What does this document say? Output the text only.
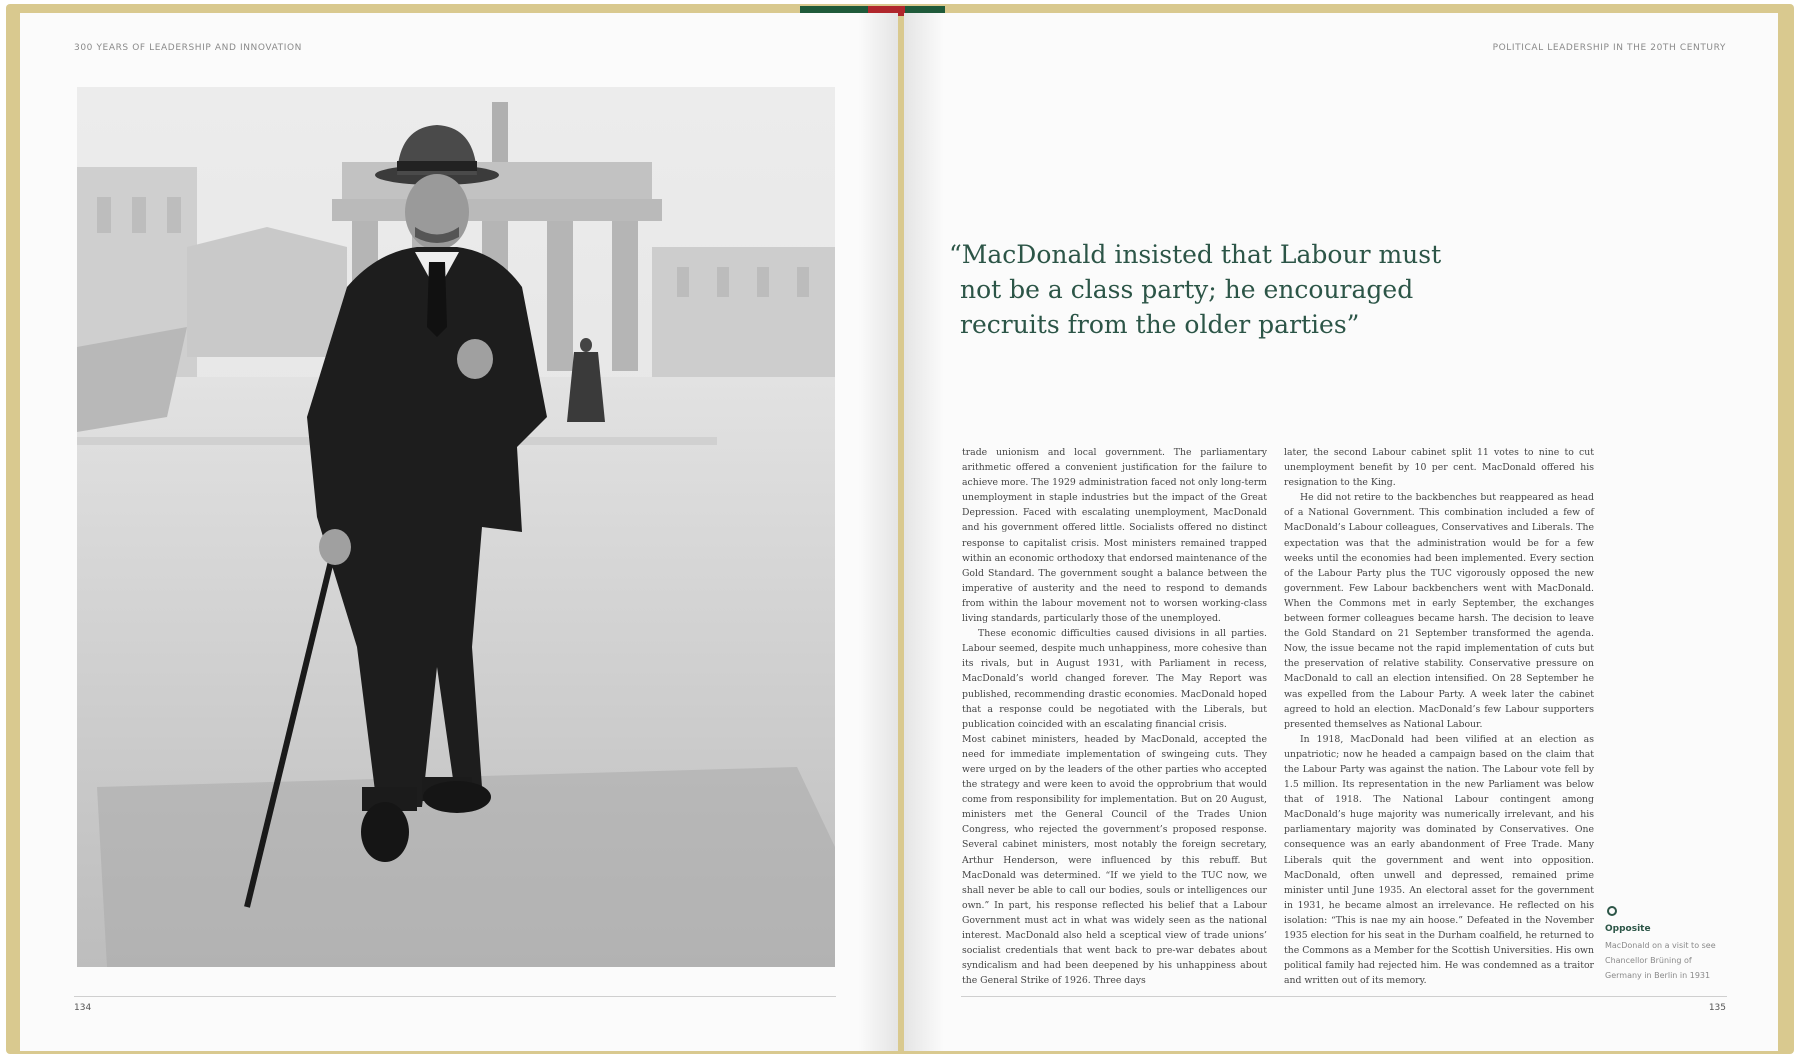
300 YEARS OF LEADERSHIP AND INNOVATION
134
POLITICAL LEADERSHIP IN THE 20TH CENTURY
“MacDonald insisted that Labour must
not be a class party; he encouraged
recruits from the older parties”

trade unionism and local government. The parliamentary arithmetic offered a convenient justification for the failure to achieve more. The 1929 administration faced not only long-term unemployment in staple industries but the impact of the Great Depression. Faced with escalating unemployment, MacDonald and his government offered little. Socialists offered no distinct response to capitalist crisis. Most ministers remained trapped within an economic orthodoxy that endorsed maintenance of the Gold Standard. The government sought a balance between the imperative of austerity and the need to respond to demands from within the labour movement not to worsen working-class living standards, particularly those of the unemployed.

These economic difficulties caused divisions in all parties. Labour seemed, despite much unhappiness, more cohesive than its rivals, but in August 1931, with Parliament in recess, MacDonald’s world changed forever. The May Report was published, recommending drastic economies. MacDonald hoped that a response could be negotiated with the Liberals, but publication coincided with an escalating financial crisis.

Most cabinet ministers, headed by MacDonald, accepted the need for immediate implementation of swingeing cuts. They were urged on by the leaders of the other parties who accepted the strategy and were keen to avoid the opprobrium that would come from responsibility for implementation. But on 20 August, ministers met the General Council of the Trades Union Congress, who rejected the government’s proposed response. Several cabinet ministers, most notably the foreign secretary, Arthur Henderson, were influenced by this rebuff. But MacDonald was determined. “If we yield to the TUC now, we shall never be able to call our bodies, souls or intelligences our own.” In part, his response reflected his belief that a Labour Government must act in what was widely seen as the national interest. MacDonald also held a sceptical view of trade unions’ socialist credentials that went back to pre-war debates about syndicalism and had been deepened by his unhappiness about the General Strike of 1926. Three days

later, the second Labour cabinet split 11 votes to nine to cut unemployment benefit by 10 per cent. MacDonald offered his resignation to the King.

He did not retire to the backbenches but reappeared as head of a National Government. This combination included a few of MacDonald’s Labour colleagues, Conservatives and Liberals. The expectation was that the administration would be for a few weeks until the economies had been implemented. Every section of the Labour Party plus the TUC vigorously opposed the new government. Few Labour backbenchers went with MacDonald. When the Commons met in early September, the exchanges between former colleagues became harsh. The decision to leave the Gold Standard on 21 September transformed the agenda. Now, the issue became not the rapid implementation of cuts but the preservation of relative stability. Conservative pressure on MacDonald to call an election intensified. On 28 September he was expelled from the Labour Party. A week later the cabinet agreed to hold an election. MacDonald’s few Labour supporters presented themselves as National Labour.

In 1918, MacDonald had been vilified at an election as unpatriotic; now he headed a campaign based on the claim that the Labour Party was against the nation. The Labour vote fell by 1.5 million. Its representation in the new Parliament was below that of 1918. The National Labour contingent among MacDonald’s huge majority was numerically irrelevant, and his parliamentary majority was dominated by Conservatives. One consequence was an early abandonment of Free Trade. Many Liberals quit the government and went into opposition. MacDonald, often unwell and depressed, remained prime minister until June 1935. An electoral asset for the government in 1931, he became almost an irrelevance. He reflected on his isolation: “This is nae my ain hoose.” Defeated in the November 1935 election for his seat in the Durham coalfield, he returned to the Commons as a Member for the Scottish Universities. His own political family had rejected him. He was condemned as a traitor and written out of its memory.

Opposite
MacDonald on a visit to see Chancellor Brüning of Germany in Berlin in 1931
135
